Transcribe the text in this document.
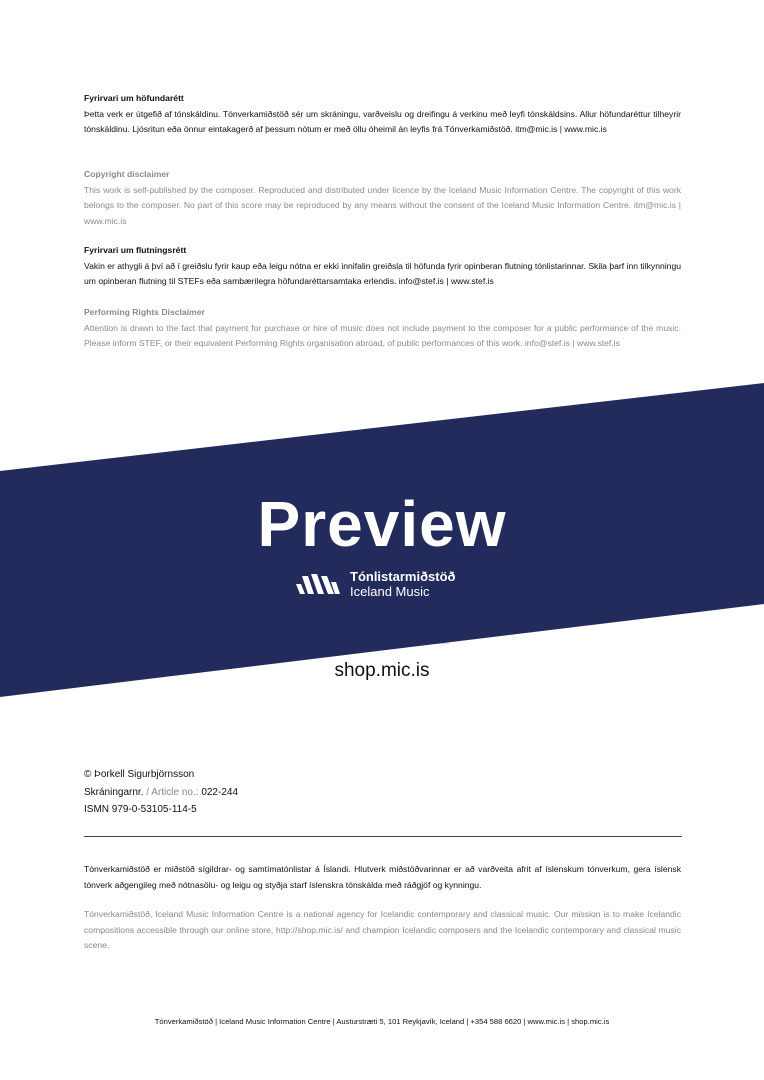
Fyrirvari um höfundarétt

Þetta verk er útgefið af tónskáldinu. Tónverkamiðstöð sér um skráningu, varðveislu og dreifingu á verkinu með leyfi tónskáldsins. Allur höfundaréttur tilheyrir tónskáldinu. Ljósritun eða önnur eintakagerð af þessum nótum er með öllu óheimil án leyfis frá Tónverkamiðstöð. itm@mic.is | www.mic.is

Copyright disclaimer

This work is self-published by the composer. Reproduced and distributed under licence by the Iceland Music Information Centre. The copyright of this work belongs to the composer. No part of this score may be reproduced by any means without the consent of the Iceland Music Information Centre. itm@mic.is | www.mic.is

Fyrirvari um flutningsrétt

Vakin er athygli á því að í greiðslu fyrir kaup eða leigu nótna er ekki innifalin greiðsla til höfunda fyrir opinberan flutning tónlistarinnar. Skila þarf inn tilkynningu um opinberan flutning til STEFs eða sambærilegra höfundaréttarsamtaka erlendis. info@stef.is | www.stef.is

Performing Rights Disclaimer

Attention is drawn to the fact that payment for purchase or hire of music does not include payment to the composer for a public performance of the music. Please inform STEF, or their equivalent Performing Rights organisation abroad, of public performances of this work. info@stef.is | www.stef.is

Preview
Tónlistarmiðstöð
Iceland Music
shop.mic.is
© Þorkell Sigurbjörnsson
Skráningarnr. / Article no.: 022-244
ISMN 979-0-53105-114-5
Tónverkamiðstöð er miðstöð sígildrar- og samtímatónlistar á Íslandi. Hlutverk miðstöðvarinnar er að varðveita afrit af íslenskum tónverkum, gera íslensk tónverk aðgengileg með nótnasölu- og leigu og styðja starf íslenskra tónskálda með ráðgjöf og kynningu.
Tónverkamiðstöð, Iceland Music Information Centre is a national agency for Icelandic contemporary and classical music. Our mission is to make Icelandic compositions accessible through our online store, http://shop.mic.is/ and champion Icelandic composers and the Icelandic contemporary and classical music scene.
Tónverkamiðstöð | Iceland Music Information Centre | Austurstræti 5, 101 Reykjavík, Iceland | +354 588 6620 | www.mic.is | shop.mic.is
